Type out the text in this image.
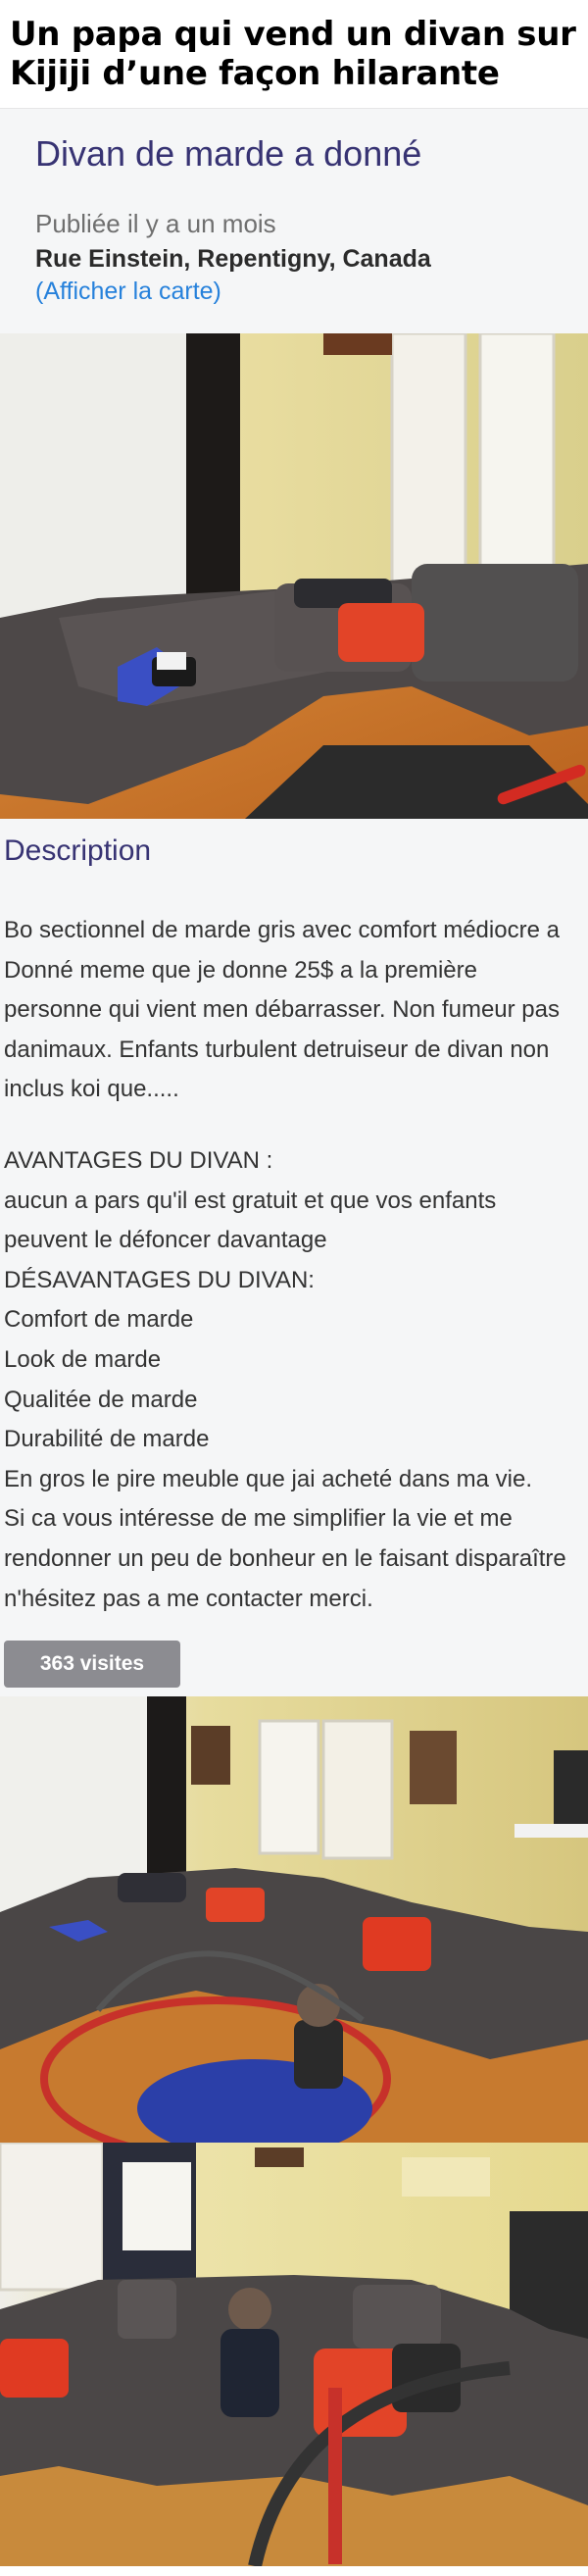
Un papa qui vend un divan sur
Kijiji d’une façon hilarante
Divan de marde a donné
Publiée il y a un mois
Rue Einstein, Repentigny, Canada
(Afficher la carte)
Description
Bo sectionnel de marde gris avec comfort médiocre a
Donné meme que je donne 25$ a la première
personne qui vient men débarrasser. Non fumeur pas
danimaux. Enfants turbulent detruiseur de divan non
inclus koi que.....
AVANTAGES DU DIVAN :
aucun a pars qu'il est gratuit et que vos enfants
peuvent le défoncer davantage
DÉSAVANTAGES DU DIVAN:
Comfort de marde
Look de marde
Qualitée de marde
Durabilité de marde
En gros le pire meuble que jai acheté dans ma vie.
Si ca vous intéresse de me simplifier la vie et me
rendonner un peu de bonheur en le faisant disparaître
n'hésitez pas a me contacter merci.
363 visites
